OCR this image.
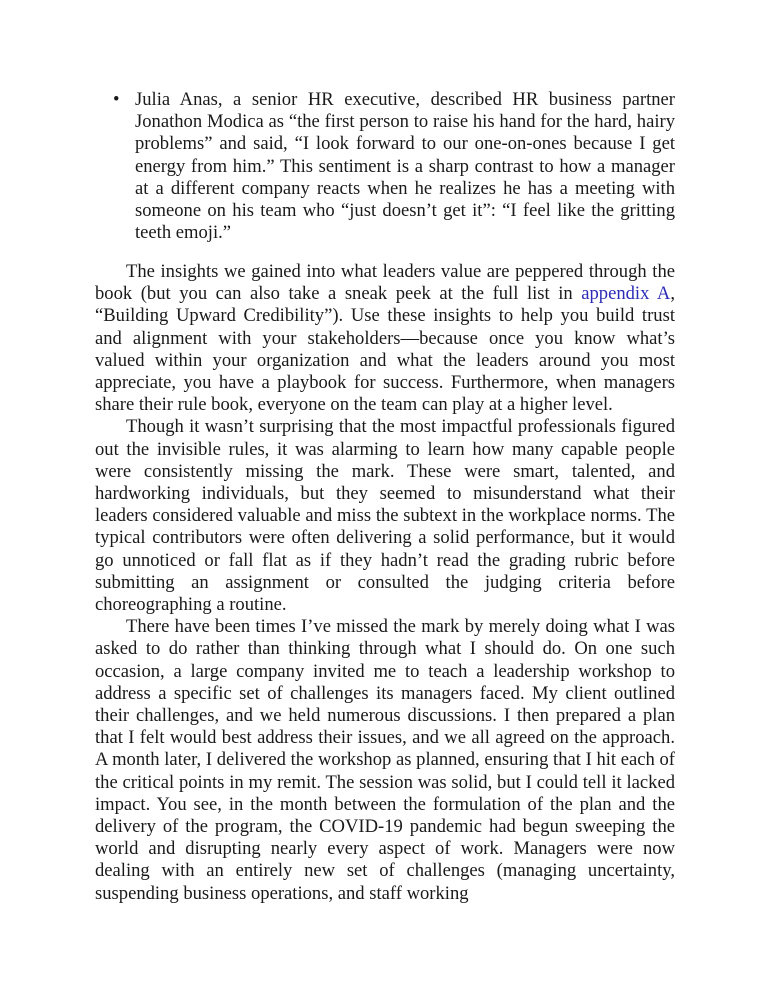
• Julia Anas, a senior HR executive, described HR business partner Jonathon Modica as “the first person to raise his hand for the hard, hairy problems” and said, “I look forward to our one-on-ones because I get energy from him.” This sentiment is a sharp contrast to how a manager at a different company reacts when he realizes he has a meeting with someone on his team who “just doesn’t get it”: “I feel like the gritting teeth emoji.”

The insights we gained into what leaders value are peppered through the book (but you can also take a sneak peek at the full list in appendix A, “Building Upward Credibility”). Use these insights to help you build trust and alignment with your stakeholders—because once you know what’s valued within your organization and what the leaders around you most appreciate, you have a playbook for success. Furthermore, when managers share their rule book, everyone on the team can play at a higher level.

Though it wasn’t surprising that the most impactful professionals figured out the invisible rules, it was alarming to learn how many capable people were consistently missing the mark. These were smart, talented, and hardworking individuals, but they seemed to misunderstand what their leaders considered valuable and miss the subtext in the workplace norms. The typical contributors were often delivering a solid performance, but it would go unnoticed or fall flat as if they hadn’t read the grading rubric before submitting an assignment or consulted the judging criteria before choreographing a routine.

There have been times I’ve missed the mark by merely doing what I was asked to do rather than thinking through what I should do. On one such occasion, a large company invited me to teach a leadership workshop to address a specific set of challenges its managers faced. My client outlined their challenges, and we held numerous discussions. I then prepared a plan that I felt would best address their issues, and we all agreed on the approach. A month later, I delivered the workshop as planned, ensuring that I hit each of the critical points in my remit. The session was solid, but I could tell it lacked impact. You see, in the month between the formulation of the plan and the delivery of the program, the COVID-19 pandemic had begun sweeping the world and disrupting nearly every aspect of work. Managers were now dealing with an entirely new set of challenges (managing uncertainty, suspending business operations, and staff working
